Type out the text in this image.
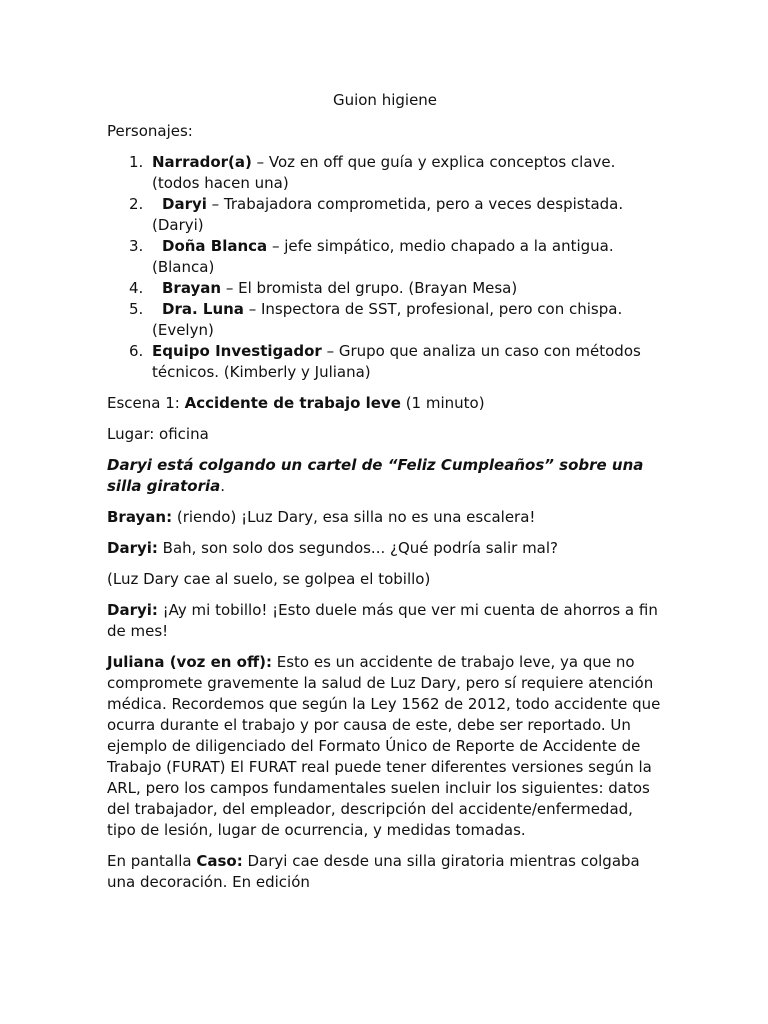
Guion higiene

Personajes:

1. Narrador(a) – Voz en off que guía y explica conceptos clave. (todos hacen una)
2. Daryi – Trabajadora comprometida, pero a veces despistada. (Daryi)
3. Doña Blanca – jefe simpático, medio chapado a la antigua. (Blanca)
4. Brayan – El bromista del grupo. (Brayan Mesa)
5. Dra. Luna – Inspectora de SST, profesional, pero con chispa. (Evelyn)
6. Equipo Investigador – Grupo que analiza un caso con métodos técnicos. (Kimberly y Juliana)

Escena 1: Accidente de trabajo leve (1 minuto)

Lugar: oficina

Daryi está colgando un cartel de “Feliz Cumpleaños” sobre una silla giratoria.

Brayan: (riendo) ¡Luz Dary, esa silla no es una escalera!

Daryi: Bah, son solo dos segundos... ¿Qué podría salir mal?

(Luz Dary cae al suelo, se golpea el tobillo)

Daryi: ¡Ay mi tobillo! ¡Esto duele más que ver mi cuenta de ahorros a fin de mes!

Juliana (voz en off): Esto es un accidente de trabajo leve, ya que no compromete gravemente la salud de Luz Dary, pero sí requiere atención médica. Recordemos que según la Ley 1562 de 2012, todo accidente que ocurra durante el trabajo y por causa de este, debe ser reportado. Un ejemplo de diligenciado del Formato Único de Reporte de Accidente de Trabajo (FURAT) El FURAT real puede tener diferentes versiones según la ARL, pero los campos fundamentales suelen incluir los siguientes: datos del trabajador, del empleador, descripción del accidente/enfermedad, tipo de lesión, lugar de ocurrencia, y medidas tomadas.

En pantalla Caso: Daryi cae desde una silla giratoria mientras colgaba una decoración. En edición
